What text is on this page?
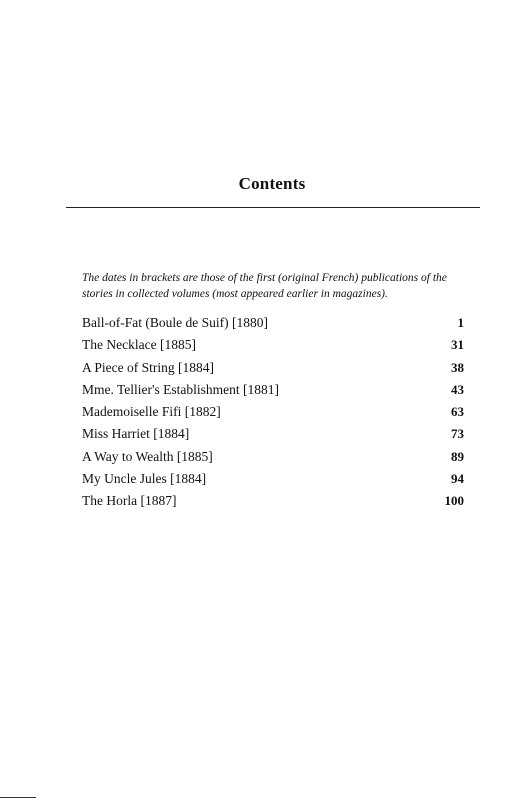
Contents
The dates in brackets are those of the first (original French) publications of the stories in collected volumes (most appeared earlier in magazines).
Ball-of-Fat (Boule de Suif) [1880]	1
The Necklace [1885]	31
A Piece of String [1884]	38
Mme. Tellier's Establishment [1881]	43
Mademoiselle Fifi [1882]	63
Miss Harriet [1884]	73
A Way to Wealth [1885]	89
My Uncle Jules [1884]	94
The Horla [1887]	100
